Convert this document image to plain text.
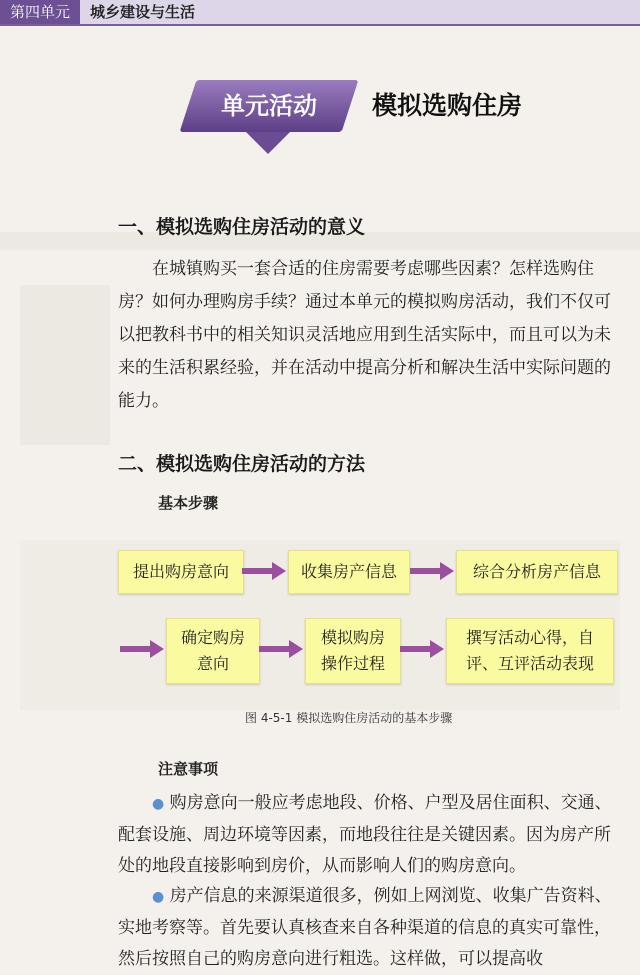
第四单元	城乡建设与生活
单元活动	模拟选购住房
一、模拟选购住房活动的意义

在城镇购买一套合适的住房需要考虑哪些因素？怎样选购住房？如何办理购房手续？通过本单元的模拟购房活动，我们不仅可以把教科书中的相关知识灵活地应用到生活实际中，而且可以为未来的生活积累经验，并在活动中提高分析和解决生活中实际问题的能力。

二、模拟选购住房活动的方法
基本步骤
提出购房意向	收集房产信息	综合分析房产信息
确定购房
意向
模拟购房
操作过程
撰写活动心得，自
评、互评活动表现
图 4-5-1 模拟选购住房活动的基本步骤
注意事项

● 购房意向一般应考虑地段、价格、户型及居住面积、交通、配套设施、周边环境等因素，而地段往往是关键因素。因为房产所处的地段直接影响到房价，从而影响人们的购房意向。

● 房产信息的来源渠道很多，例如上网浏览、收集广告资料、实地考察等。首先要认真核查来自各种渠道的信息的真实可靠性，然后按照自己的购房意向进行粗选。这样做，可以提高收
